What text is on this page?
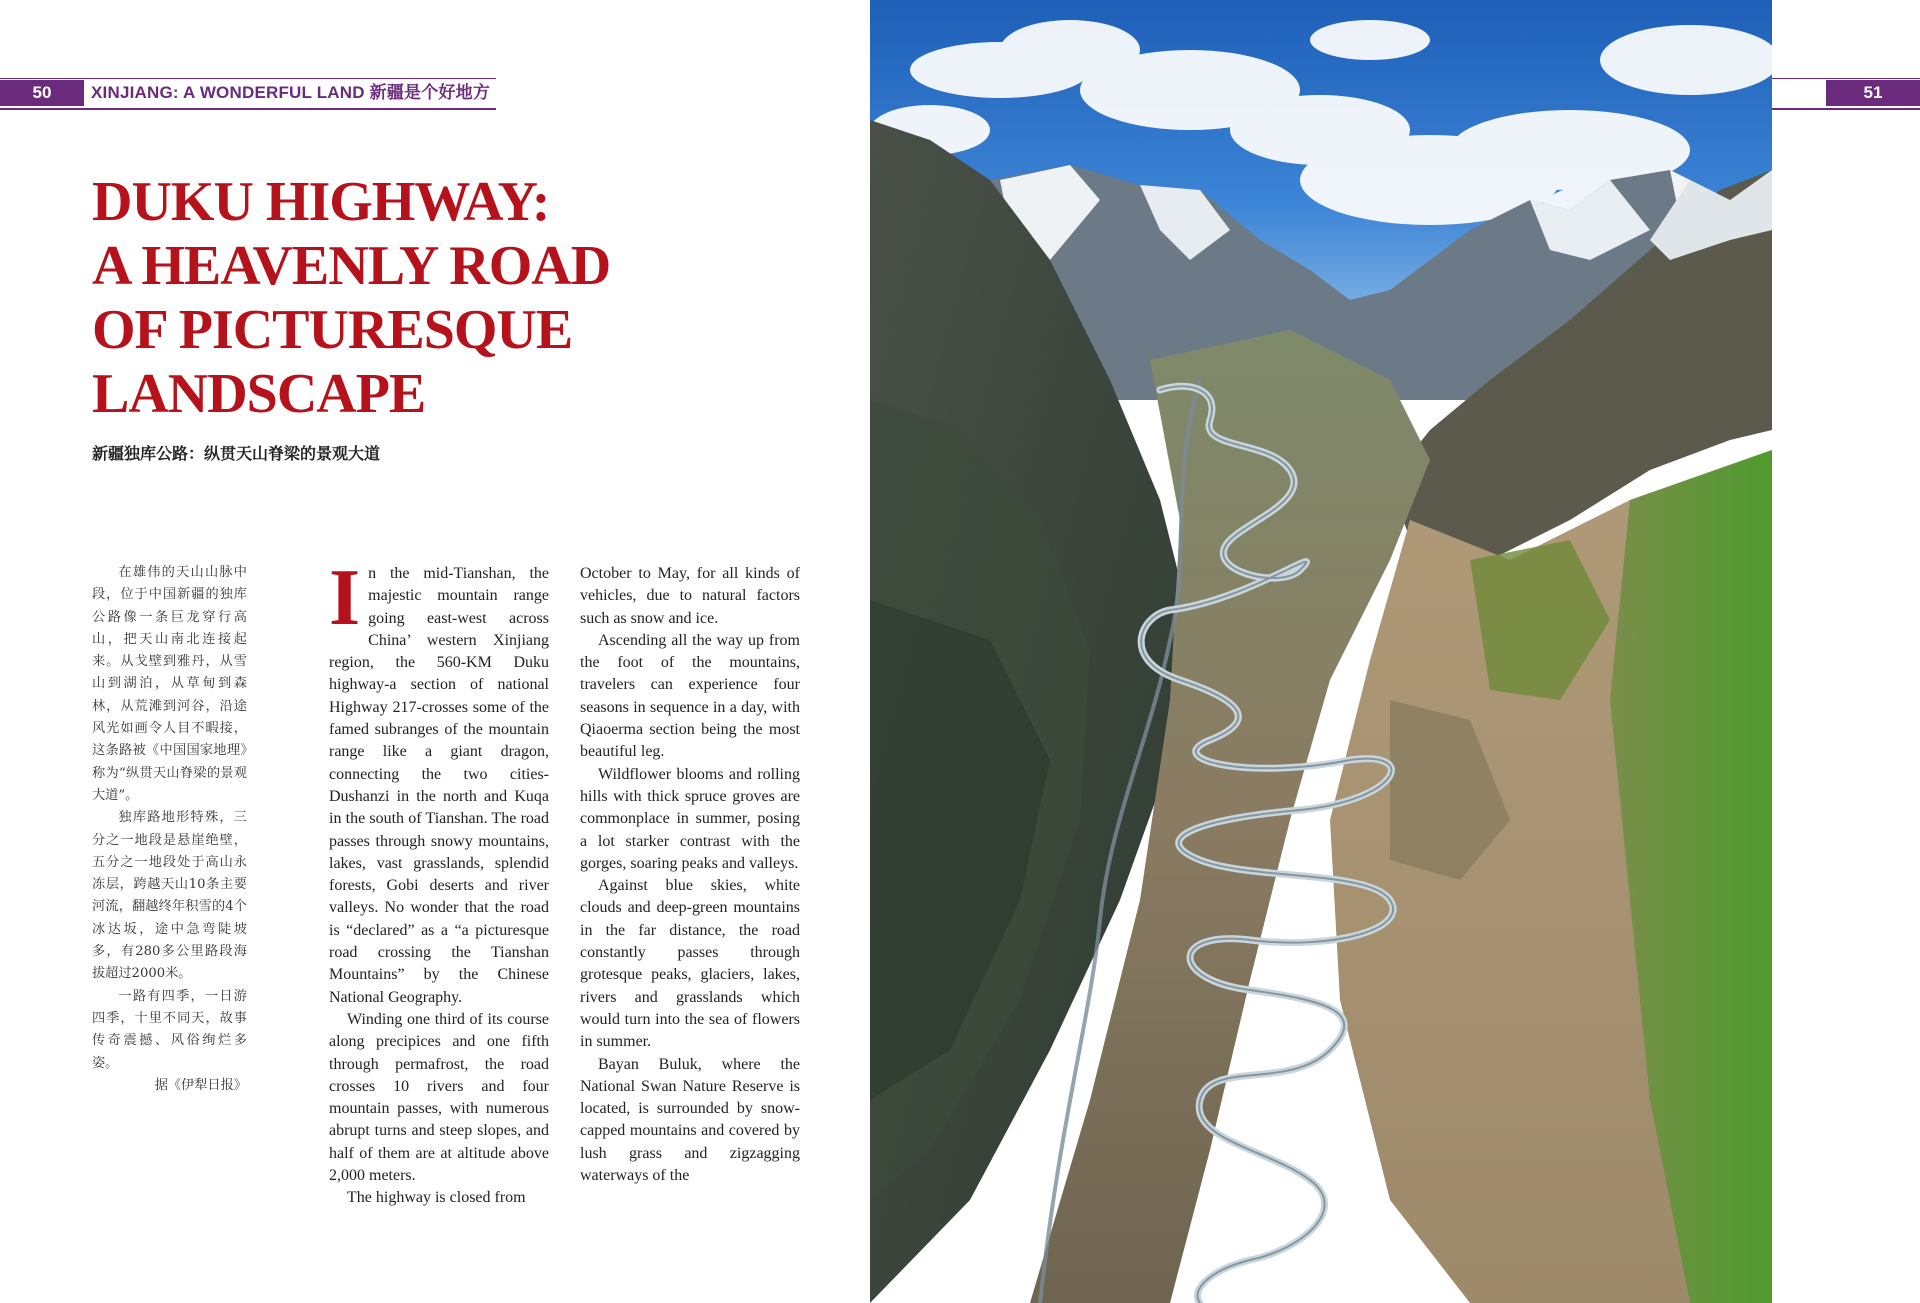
50	XINJIANG: A WONDERFUL LAND 新疆是个好地方
DUKU HIGHWAY:
A HEAVENLY ROAD
OF PICTURESQUE
LANDSCAPE
新疆独库公路：纵贯天山脊梁的景观大道

在雄伟的天山山脉中段，位于中国新疆的独库公路像一条巨龙穿行高山，把天山南北连接起来。从戈壁到雅丹，从雪山到湖泊，从草甸到森林，从荒滩到河谷，沿途风光如画令人目不暇接，这条路被《中国国家地理》称为“纵贯天山脊梁的景观大道”。

独库路地形特殊，三分之一地段是悬崖绝壁，五分之一地段处于高山永冻层，跨越天山10条主要河流，翻越终年积雪的4个冰达坂，途中急弯陡坡多，有280多公里路段海拔超过2000米。

一路有四季，一日游四季，十里不同天，故事传奇震撼、风俗绚烂多姿。

据《伊犁日报》

In the mid-Tianshan, the majestic mountain range going east-west across China’ western Xinjiang region, the 560-KM Duku highway-a section of national Highway 217-crosses some of the famed subranges of the mountain range like a giant dragon, connecting the two cities-Dushanzi in the north and Kuqa in the south of Tianshan. The road passes through snowy mountains, lakes, vast grasslands, splendid forests, Gobi deserts and river valleys. No wonder that the road is “declared” as a “a picturesque road crossing the Tianshan Mountains” by the Chinese National Geography.

Winding one third of its course along precipices and one fifth through permafrost, the road crosses 10 rivers and four mountain passes, with numerous abrupt turns and steep slopes, and half of them are at altitude above 2,000 meters.

The highway is closed from

October to May, for all kinds of vehicles, due to natural factors such as snow and ice.

Ascending all the way up from the foot of the mountains, travelers can experience four seasons in sequence in a day, with Qiaoerma section being the most beautiful leg.

Wildflower blooms and rolling hills with thick spruce groves are commonplace in summer, posing a lot starker contrast with the gorges, soaring peaks and valleys.

Against blue skies, white clouds and deep-green mountains in the far distance, the road constantly passes through grotesque peaks, glaciers, lakes, rivers and grasslands which would turn into the sea of flowers in summer.

Bayan Buluk, where the National Swan Nature Reserve is located, is surrounded by snow-capped mountains and covered by lush grass and zigzagging waterways of the

51
